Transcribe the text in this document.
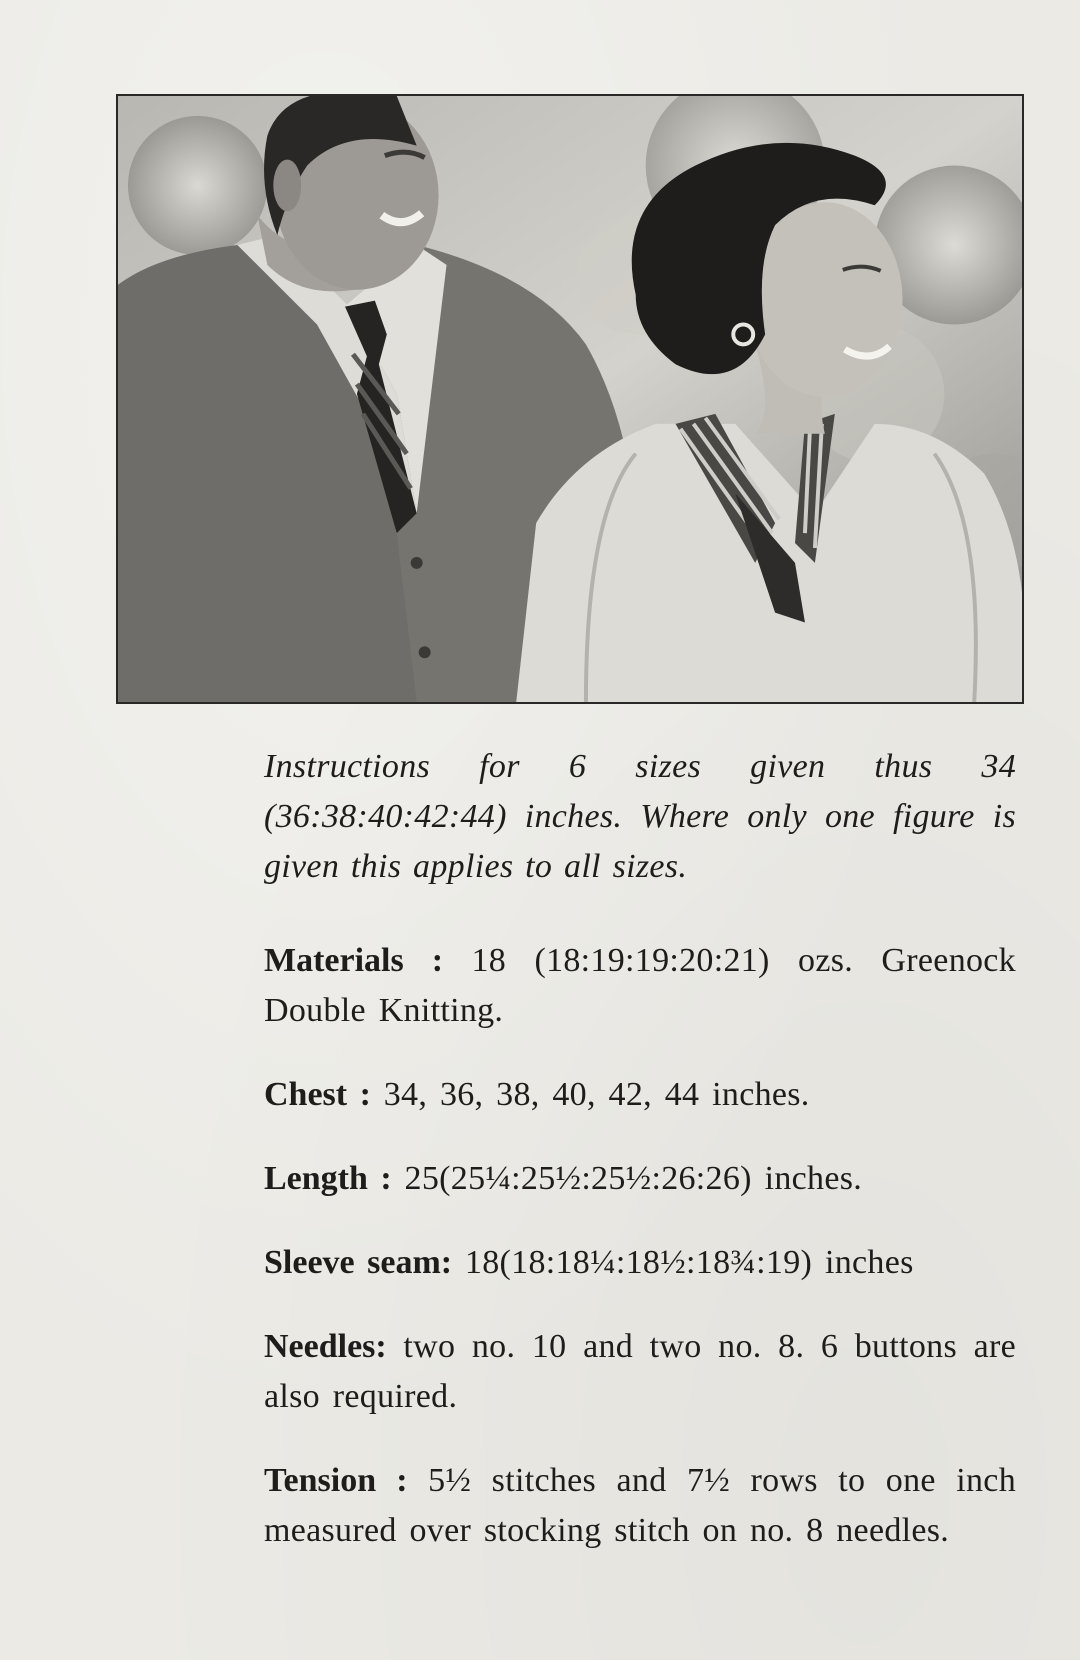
Instructions for 6 sizes given thus 34 (36:38:40:42:44) inches. Where only one figure is given this applies to all sizes.

Materials : 18 (18:19:19:20:21) ozs. Greenock Double Knitting.

Chest : 34, 36, 38, 40, 42, 44 inches.

Length : 25(25¼:25½:25½:26:26) inches.

Sleeve seam: 18(18:18¼:18½:18¾:19) inches

Needles: two no. 10 and two no. 8. 6 buttons are also required.

Tension : 5½ stitches and 7½ rows to one inch measured over stocking stitch on no. 8 needles.
